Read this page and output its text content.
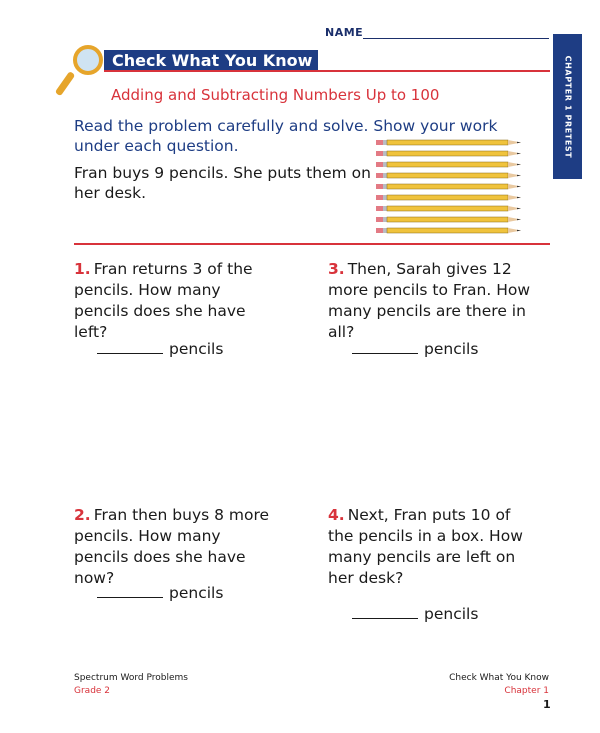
NAME
CHAPTER 1 PRETEST
Check What You Know
Adding and Subtracting Numbers Up to 100
Read the problem carefully and solve. Show your work under each question.
Fran buys 9 pencils. She puts them on her desk.
1. Fran returns 3 of the pencils. How many pencils does she have left?
pencils
3. Then, Sarah gives 12 more pencils to Fran. How many pencils are there in all?
pencils
2. Fran then buys 8 more pencils. How many pencils does she have now?
pencils
4. Next, Fran puts 10 of the pencils in a box. How many pencils are left on her desk?
pencils
Spectrum Word Problems
Grade 2
Check What You Know
Chapter 1
1
